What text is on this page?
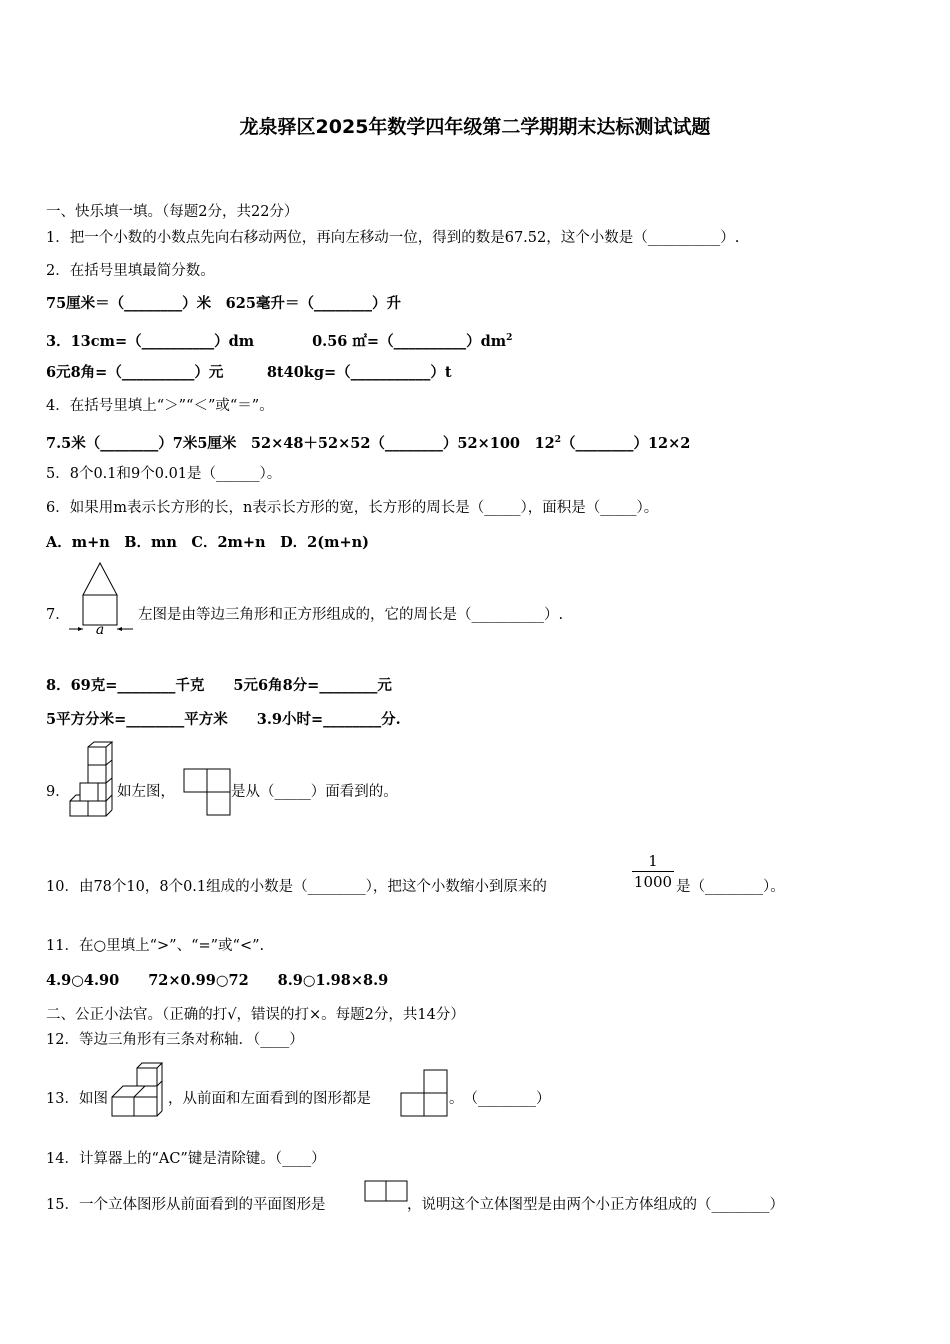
龙泉驿区2025年数学四年级第二学期期末达标测试试题
一、快乐填一填。（每题2分，共22分）
1．把一个小数的小数点先向右移动两位，再向左移动一位，得到的数是67.52，这个小数是（__________）.
2．在括号里填最简分数。
75厘米＝（________）米　625毫升＝（________）升
3．13cm=（__________）dm　　　　0.56 $㎡=(\_\_\_\_\_\_\_\_\_\_)dm^2$
6元8角=（__________）元　　　8t40kg=（___________）t
4．在括号里填上“＞”“＜”或“＝”。
7.5米（________）7米5厘米　52×48＋52×52（________）52×100　$12^2(\_\_\_\_\_\_\_\_)12\times 2$
5．8个0.1和9个0.01是（______）。
6．如果用m表示长方形的长，n表示长方形的宽，长方形的周长是（_____），面积是（_____）。
A．m+n　B．mn　C．2m+n　D．2(m+n)
7．
a
左图是由等边三角形和正方形组成的，它的周长是（__________）.
8．69克=________千克　　5元6角8分=________元
5平方分米=________平方米　　3.9小时=________分.
9．	如左图，	是从（_____）面看到的。
10．由78个10，8个0.1组成的小数是（________），把这个小数缩小到原来的	$\frac{1}{1000}$ 是（________）。
11．在○里填上“>”、“=”或“<”.
4.9○4.90　　72×0.99○72　　8.9○1.98×8.9
二、公正小法官。（正确的打√，错误的打×。每题2分，共14分）
12．等边三角形有三条对称轴．（____）
13．如图	，从前面和左面看到的图形都是	。　（________）
14．计算器上的“AC”键是清除键。（____）
15．一个立体图形从前面看到的平面图形是	，说明这个立体图型是由两个小正方体组成的（________）
